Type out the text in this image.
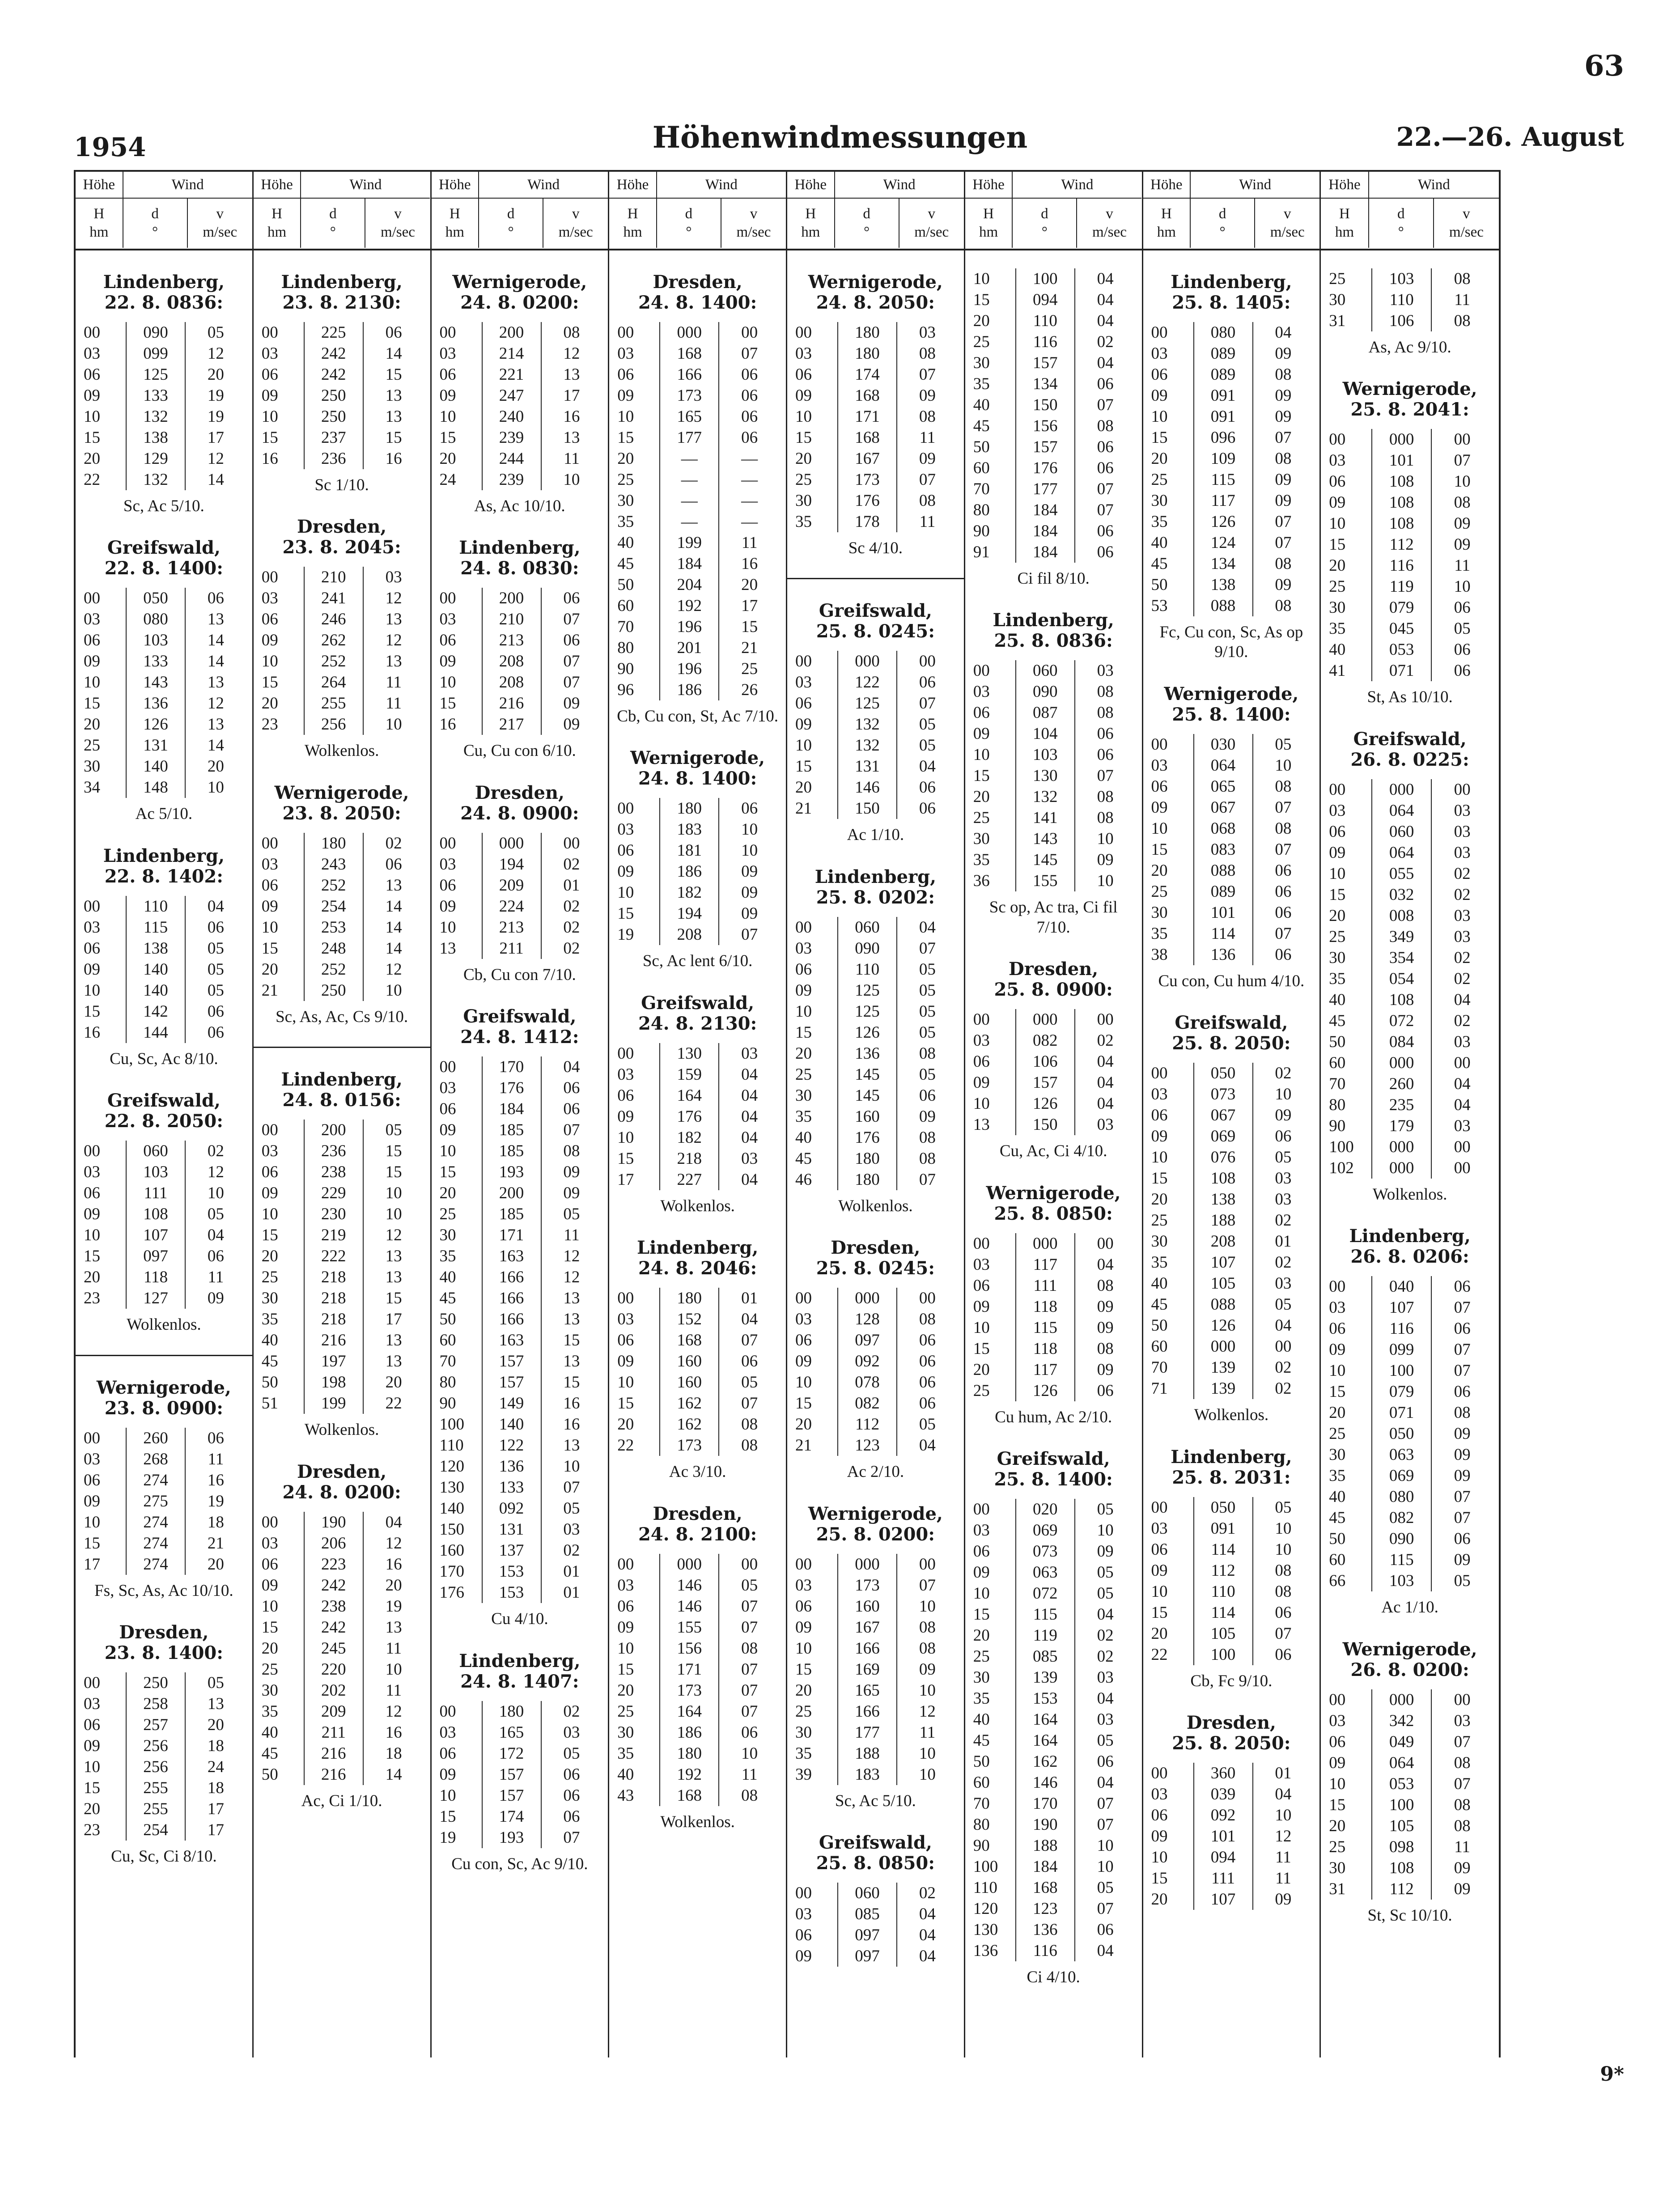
63
1954	Höhenwindmessungen	22.—26. August
Höhe	Wind
H
hm
d
°
v
m/sec
Lindenberg,
22. 8. 0836:
00	090	05
03	099	12
06	125	20
09	133	19
10	132	19
15	138	17
20	129	12
22	132	14
Sc, Ac 5/10.
Greifswald,
22. 8. 1400:
00	050	06
03	080	13
06	103	14
09	133	14
10	143	13
15	136	12
20	126	13
25	131	14
30	140	20
34	148	10
Ac 5/10.
Lindenberg,
22. 8. 1402:
00	110	04
03	115	06
06	138	05
09	140	05
10	140	05
15	142	06
16	144	06
Cu, Sc, Ac 8/10.
Greifswald,
22. 8. 2050:
00	060	02
03	103	12
06	111	10
09	108	05
10	107	04
15	097	06
20	118	11
23	127	09
Wolkenlos.
Wernigerode,
23. 8. 0900:
00	260	06
03	268	11
06	274	16
09	275	19
10	274	18
15	274	21
17	274	20
Fs, Sc, As, Ac 10/10.
Dresden,
23. 8. 1400:
00	250	05
03	258	13
06	257	20
09	256	18
10	256	24
15	255	18
20	255	17
23	254	17
Cu, Sc, Ci 8/10.
Höhe	Wind
H
hm
d
°
v
m/sec
Lindenberg,
23. 8. 2130:
00	225	06
03	242	14
06	242	15
09	250	13
10	250	13
15	237	15
16	236	16
Sc 1/10.
Dresden,
23. 8. 2045:
00	210	03
03	241	12
06	246	13
09	262	12
10	252	13
15	264	11
20	255	11
23	256	10
Wolkenlos.
Wernigerode,
23. 8. 2050:
00	180	02
03	243	06
06	252	13
09	254	14
10	253	14
15	248	14
20	252	12
21	250	10
Sc, As, Ac, Cs 9/10.
Lindenberg,
24. 8. 0156:
00	200	05
03	236	15
06	238	15
09	229	10
10	230	10
15	219	12
20	222	13
25	218	13
30	218	15
35	218	17
40	216	13
45	197	13
50	198	20
51	199	22
Wolkenlos.
Dresden,
24. 8. 0200:
00	190	04
03	206	12
06	223	16
09	242	20
10	238	19
15	242	13
20	245	11
25	220	10
30	202	11
35	209	12
40	211	16
45	216	18
50	216	14
Ac, Ci 1/10.
Höhe	Wind
H
hm
d
°
v
m/sec
Wernigerode,
24. 8. 0200:
00	200	08
03	214	12
06	221	13
09	247	17
10	240	16
15	239	13
20	244	11
24	239	10
As, Ac 10/10.
Lindenberg,
24. 8. 0830:
00	200	06
03	210	07
06	213	06
09	208	07
10	208	07
15	216	09
16	217	09
Cu, Cu con 6/10.
Dresden,
24. 8. 0900:
00	000	00
03	194	02
06	209	01
09	224	02
10	213	02
13	211	02
Cb, Cu con 7/10.
Greifswald,
24. 8. 1412:
00	170	04
03	176	06
06	184	06
09	185	07
10	185	08
15	193	09
20	200	09
25	185	05
30	171	11
35	163	12
40	166	12
45	166	13
50	166	13
60	163	15
70	157	13
80	157	15
90	149	16
100	140	16
110	122	13
120	136	10
130	133	07
140	092	05
150	131	03
160	137	02
170	153	01
176	153	01
Cu 4/10.
Lindenberg,
24. 8. 1407:
00	180	02
03	165	03
06	172	05
09	157	06
10	157	06
15	174	06
19	193	07
Cu con, Sc, Ac 9/10.
Höhe	Wind
H
hm
d
°
v
m/sec
Dresden,
24. 8. 1400:
00	000	00
03	168	07
06	166	06
09	173	06
10	165	06
15	177	06
20	—	—
25	—	—
30	—	—
35	—	—
40	199	11
45	184	16
50	204	20
60	192	17
70	196	15
80	201	21
90	196	25
96	186	26
Cb, Cu con, St, Ac 7/10.
Wernigerode,
24. 8. 1400:
00	180	06
03	183	10
06	181	10
09	186	09
10	182	09
15	194	09
19	208	07
Sc, Ac lent 6/10.
Greifswald,
24. 8. 2130:
00	130	03
03	159	04
06	164	04
09	176	04
10	182	04
15	218	03
17	227	04
Wolkenlos.
Lindenberg,
24. 8. 2046:
00	180	01
03	152	04
06	168	07
09	160	06
10	160	05
15	162	07
20	162	08
22	173	08
Ac 3/10.
Dresden,
24. 8. 2100:
00	000	00
03	146	05
06	146	07
09	155	07
10	156	08
15	171	07
20	173	07
25	164	07
30	186	06
35	180	10
40	192	11
43	168	08
Wolkenlos.
Höhe	Wind
H
hm
d
°
v
m/sec
Wernigerode,
24. 8. 2050:
00	180	03
03	180	08
06	174	07
09	168	09
10	171	08
15	168	11
20	167	09
25	173	07
30	176	08
35	178	11
Sc 4/10.
Greifswald,
25. 8. 0245:
00	000	00
03	122	06
06	125	07
09	132	05
10	132	05
15	131	04
20	146	06
21	150	06
Ac 1/10.
Lindenberg,
25. 8. 0202:
00	060	04
03	090	07
06	110	05
09	125	05
10	125	05
15	126	05
20	136	08
25	145	05
30	145	06
35	160	09
40	176	08
45	180	08
46	180	07
Wolkenlos.
Dresden,
25. 8. 0245:
00	000	00
03	128	08
06	097	06
09	092	06
10	078	06
15	082	06
20	112	05
21	123	04
Ac 2/10.
Wernigerode,
25. 8. 0200:
00	000	00
03	173	07
06	160	10
09	167	08
10	166	08
15	169	09
20	165	10
25	166	12
30	177	11
35	188	10
39	183	10
Sc, Ac 5/10.
Greifswald,
25. 8. 0850:
00	060	02
03	085	04
06	097	04
09	097	04
Höhe	Wind
H
hm
d
°
v
m/sec
10	100	04
15	094	04
20	110	04
25	116	02
30	157	04
35	134	06
40	150	07
45	156	08
50	157	06
60	176	06
70	177	07
80	184	07
90	184	06
91	184	06
Ci fil 8/10.
Lindenberg,
25. 8. 0836:
00	060	03
03	090	08
06	087	08
09	104	06
10	103	06
15	130	07
20	132	08
25	141	08
30	143	10
35	145	09
36	155	10
Sc op, Ac tra, Ci fil 7/10.
Dresden,
25. 8. 0900:
00	000	00
03	082	02
06	106	04
09	157	04
10	126	04
13	150	03
Cu, Ac, Ci 4/10.
Wernigerode,
25. 8. 0850:
00	000	00
03	117	04
06	111	08
09	118	09
10	115	09
15	118	08
20	117	09
25	126	06
Cu hum, Ac 2/10.
Greifswald,
25. 8. 1400:
00	020	05
03	069	10
06	073	09
09	063	05
10	072	05
15	115	04
20	119	02
25	085	02
30	139	03
35	153	04
40	164	03
45	164	05
50	162	06
60	146	04
70	170	07
80	190	07
90	188	10
100	184	10
110	168	05
120	123	07
130	136	06
136	116	04
Ci 4/10.
Höhe	Wind
H
hm
d
°
v
m/sec
Lindenberg,
25. 8. 1405:
00	080	04
03	089	09
06	089	08
09	091	09
10	091	09
15	096	07
20	109	08
25	115	09
30	117	09
35	126	07
40	124	07
45	134	08
50	138	09
53	088	08
Fc, Cu con, Sc, As op 9/10.
Wernigerode,
25. 8. 1400:
00	030	05
03	064	10
06	065	08
09	067	07
10	068	08
15	083	07
20	088	06
25	089	06
30	101	06
35	114	07
38	136	06
Cu con, Cu hum 4/10.
Greifswald,
25. 8. 2050:
00	050	02
03	073	10
06	067	09
09	069	06
10	076	05
15	108	03
20	138	03
25	188	02
30	208	01
35	107	02
40	105	03
45	088	05
50	126	04
60	000	00
70	139	02
71	139	02
Wolkenlos.
Lindenberg,
25. 8. 2031:
00	050	05
03	091	10
06	114	10
09	112	08
10	110	08
15	114	06
20	105	07
22	100	06
Cb, Fc 9/10.
Dresden,
25. 8. 2050:
00	360	01
03	039	04
06	092	10
09	101	12
10	094	11
15	111	11
20	107	09
Höhe	Wind
H
hm
d
°
v
m/sec
25	103	08
30	110	11
31	106	08
As, Ac 9/10.
Wernigerode,
25. 8. 2041:
00	000	00
03	101	07
06	108	10
09	108	08
10	108	09
15	112	09
20	116	11
25	119	10
30	079	06
35	045	05
40	053	06
41	071	06
St, As 10/10.
Greifswald,
26. 8. 0225:
00	000	00
03	064	03
06	060	03
09	064	03
10	055	02
15	032	02
20	008	03
25	349	03
30	354	02
35	054	02
40	108	04
45	072	02
50	084	03
60	000	00
70	260	04
80	235	04
90	179	03
100	000	00
102	000	00
Wolkenlos.
Lindenberg,
26. 8. 0206:
00	040	06
03	107	07
06	116	06
09	099	07
10	100	07
15	079	06
20	071	08
25	050	09
30	063	09
35	069	09
40	080	07
45	082	07
50	090	06
60	115	09
66	103	05
Ac 1/10.
Wernigerode,
26. 8. 0200:
00	000	00
03	342	03
06	049	07
09	064	08
10	053	07
15	100	08
20	105	08
25	098	11
30	108	09
31	112	09
St, Sc 10/10.
9*
